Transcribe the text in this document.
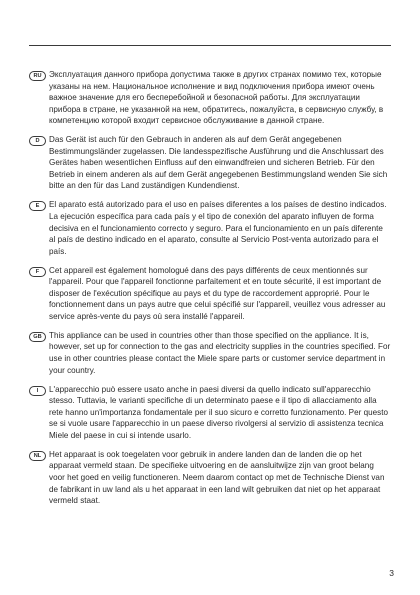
RU Эксплуатация данного прибора допустима также в других странах помимо тех, которые указаны на нем. Национальное исполнение и вид подключения прибора имеют очень важное значение для его бесперебойной и безопасной работы. Для эксплуатации прибора в стране, не указанной на нем, обратитесь, пожалуйста, в сервисную службу, в компетенцию которой входит сервисное обслуживание в данной стране.

D	Das Gerät ist auch für den Gebrauch in anderen als auf dem Gerät angegebenen Bestimmungsländer zugelassen. Die landesspezifische Ausführung und die Anschlussart des Gerätes haben wesentlichen Einfluss auf den einwandfreien und sicheren Betrieb. Für den Betrieb in einem anderen als auf dem Gerät angegebenen Bestimmungsland wenden Sie sich bitte an den für das Land zuständigen Kundendienst.

E	El aparato está autorizado para el uso en países diferentes a los países de destino indicados. La ejecución específica para cada país y el tipo de conexión del aparato influyen de forma decisiva en el funcionamiento correcto y seguro. Para el funcionamiento en un país diferente al país de destino indicado en el aparato, consulte al Servicio Post-venta autorizado para el país.

F	Cet appareil est également homologué dans des pays différents de ceux mentionnés sur l'appareil. Pour que l'appareil fonctionne parfaitement et en toute sécurité, il est important de disposer de l'exécution spécifique au pays et du type de raccordement approprié. Pour le fonctionnement dans un pays autre que celui spécifié sur l'appareil, veuillez vous adresser au service après-vente du pays où sera installé l'appareil.

GB This appliance can be used in countries other than those specified on the appliance. It is, however, set up for connection to the gas and electricity supplies in the countries specified. For use in other countries please contact the Miele spare parts or customer service department in your country.

I	L'apparecchio può essere usato anche in paesi diversi da quello indicato sull'apparecchio stesso. Tuttavia, le varianti specifiche di un determinato paese e il tipo di allacciamento alla rete hanno un'importanza fondamentale per il suo sicuro e corretto funzionamento. Per questo se si vuole usare l'apparecchio in un paese diverso rivolgersi al servizio di assistenza tecnica Miele del paese in cui si intende usarlo.

NL Het apparaat is ook toegelaten voor gebruik in andere landen dan de landen die op het apparaat vermeld staan. De specifieke uitvoering en de aansluitwijze zijn van groot belang voor het goed en veilig functioneren. Neem daarom contact op met de Technische Dienst van de fabrikant in uw land als u het apparaat in een land wilt gebruiken dat niet op het apparaat vermeld staat.

3
